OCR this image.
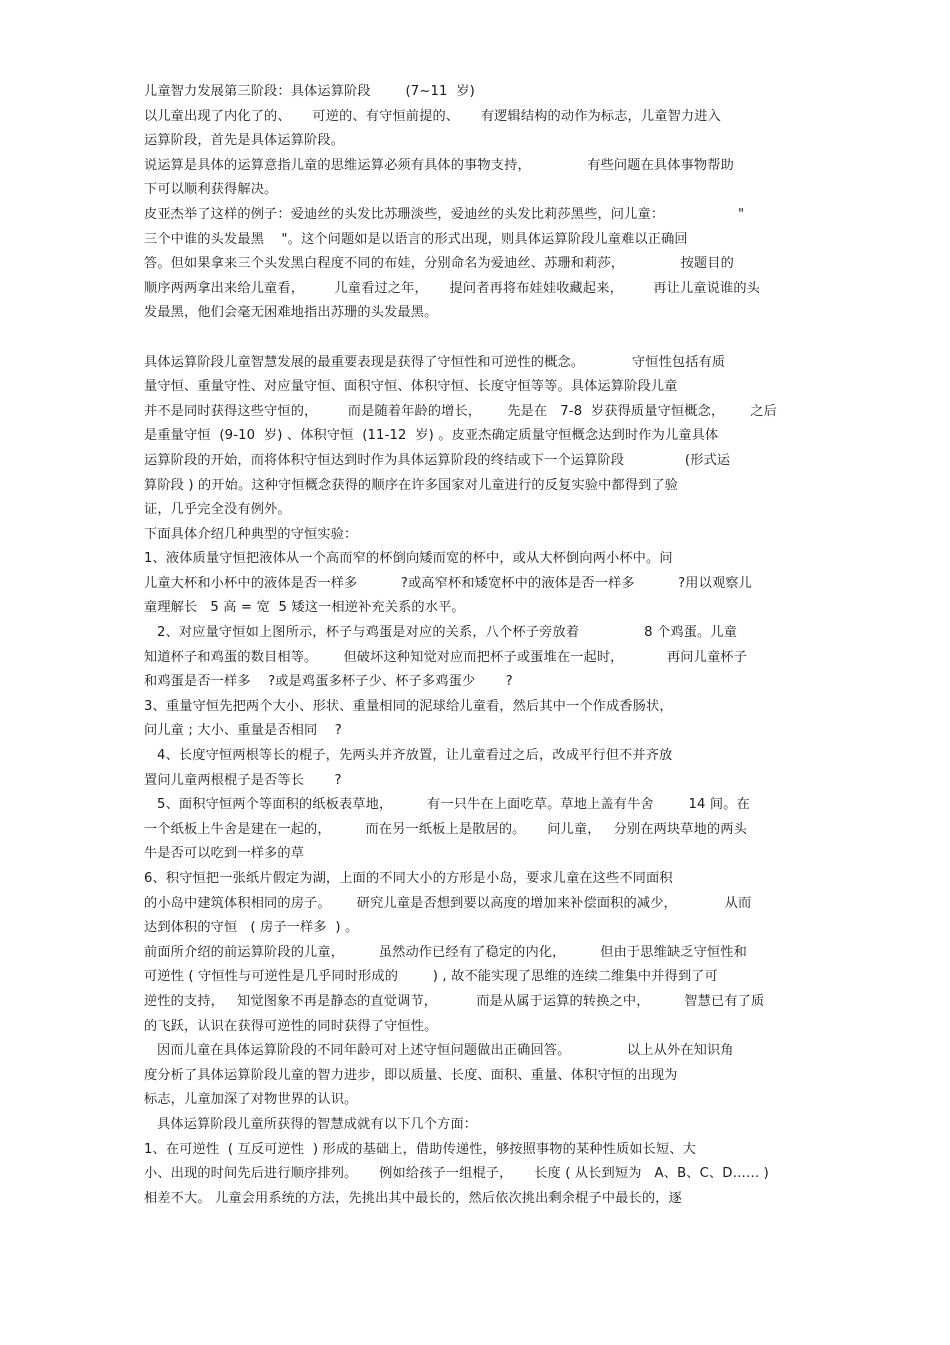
儿童智力发展第三阶段：具体运算阶段        (7~11  岁)
以儿童出现了内化了的、     可逆的、有守恒前提的、     有逻辑结构的动作为标志，儿童智力进入
运算阶段，首先是具体运算阶段。
说运算是具体的运算意指儿童的思维运算必须有具体的事物支持，             有些问题在具体事物帮助
下可以顺利获得解决。
皮亚杰举了这样的例子：爱迪丝的头发比苏珊淡些，爱迪丝的头发比莉莎黑些，问儿童：                 "
三个中谁的头发最黑    "。这个问题如是以语言的形式出现，则具体运算阶段儿童难以正确回
答。但如果拿来三个头发黑白程度不同的布娃，分别命名为爱迪丝、苏珊和莉莎，             按题目的
顺序两两拿出来给儿童看，       儿童看过之年，     提问者再将布娃娃收藏起来，       再让儿童说谁的头
发最黑，他们会毫无困难地指出苏珊的头发最黑。
具体运算阶段儿童智慧发展的最重要表现是获得了守恒性和可逆性的概念。           守恒性包括有质
量守恒、重量守性、对应量守恒、面积守恒、体积守恒、长度守恒等等。具体运算阶段儿童
并不是同时获得这些守恒的，       而是随着年龄的增长，      先是在   7-8  岁获得质量守恒概念，      之后
是重量守恒  (9-10  岁) 、体积守恒  (11-12  岁) 。皮亚杰确定质量守恒概念达到时作为儿童具体
运算阶段的开始，而将体积守恒达到时作为具体运算阶段的终结或下一个运算阶段              (形式运
算阶段 ) 的开始。这种守恒概念获得的顺序在许多国家对儿童进行的反复实验中都得到了验
证，几乎完全没有例外。
下面具体介绍几种典型的守恒实验：
1、液体质量守恒把液体从一个高而窄的杯倒向矮而宽的杯中，或从大杯倒向两小杯中。问
儿童大杯和小杯中的液体是否一样多          ?或高窄杯和矮宽杯中的液体是否一样多          ?用以观察儿
童理解长   5 高 = 宽  5 矮这一相逆补充关系的水平。
2、对应量守恒如上图所示，杯子与鸡蛋是对应的关系，八个杯子旁放着               8 个鸡蛋。儿童
知道杯子和鸡蛋的数目相等。      但破坏这种知觉对应而把杯子或蛋堆在一起时，          再问儿童杯子
和鸡蛋是否一样多    ?或是鸡蛋多杯子少、杯子多鸡蛋少       ?
3、重量守恒先把两个大小、形状、重量相同的泥球给儿童看，然后其中一个作成香肠状，
问儿童 ; 大小、重量是否相同    ?
4、长度守恒两根等长的棍子，先两头并齐放置，让儿童看过之后，改成平行但不并齐放
置问儿童两根棍子是否等长       ?
5、面积守恒两个等面积的纸板表草地，        有一只牛在上面吃草。草地上盖有牛舍        14 间。在
一个纸板上牛舍是建在一起的，        而在另一纸板上是散居的。     问儿童，   分别在两块草地的两头
牛是否可以吃到一样多的草
6、积守恒把一张纸片假定为湖，上面的不同大小的方形是小岛，要求儿童在这些不同面积
的小岛中建筑体积相同的房子。      研究儿童是否想到要以高度的增加来补偿面积的减少，           从而
达到体积的守恒   ( 房子一样多  ) 。
前面所介绍的前运算阶段的儿童，        虽然动作已经有了稳定的内化，        但由于思维缺乏守恒性和
可逆性 ( 守恒性与可逆性是几乎同时形成的        ) , 故不能实现了思维的连续二维集中并得到了可
逆性的支持，   知觉图象不再是静态的直觉调节，         而是从属于运算的转换之中，        智慧已有了质
的飞跃，认识在获得可逆性的同时获得了守恒性。
因而儿童在具体运算阶段的不同年龄可对上述守恒问题做出正确回答。             以上从外在知识角
度分析了具体运算阶段儿童的智力进步，即以质量、长度、面积、重量、体积守恒的出现为
标志，儿童加深了对物世界的认识。
具体运算阶段儿童所获得的智慧成就有以下几个方面：
1、在可逆性  ( 互反可逆性  ) 形成的基础上，借助传递性，够按照事物的某种性质如长短、大
小、出现的时间先后进行顺序排列。     例如给孩子一组棍子，     长度 ( 从长到短为   A、B、C、D…… )
相差不大。 儿童会用系统的方法，先挑出其中最长的，然后依次挑出剩余棍子中最长的，逐
